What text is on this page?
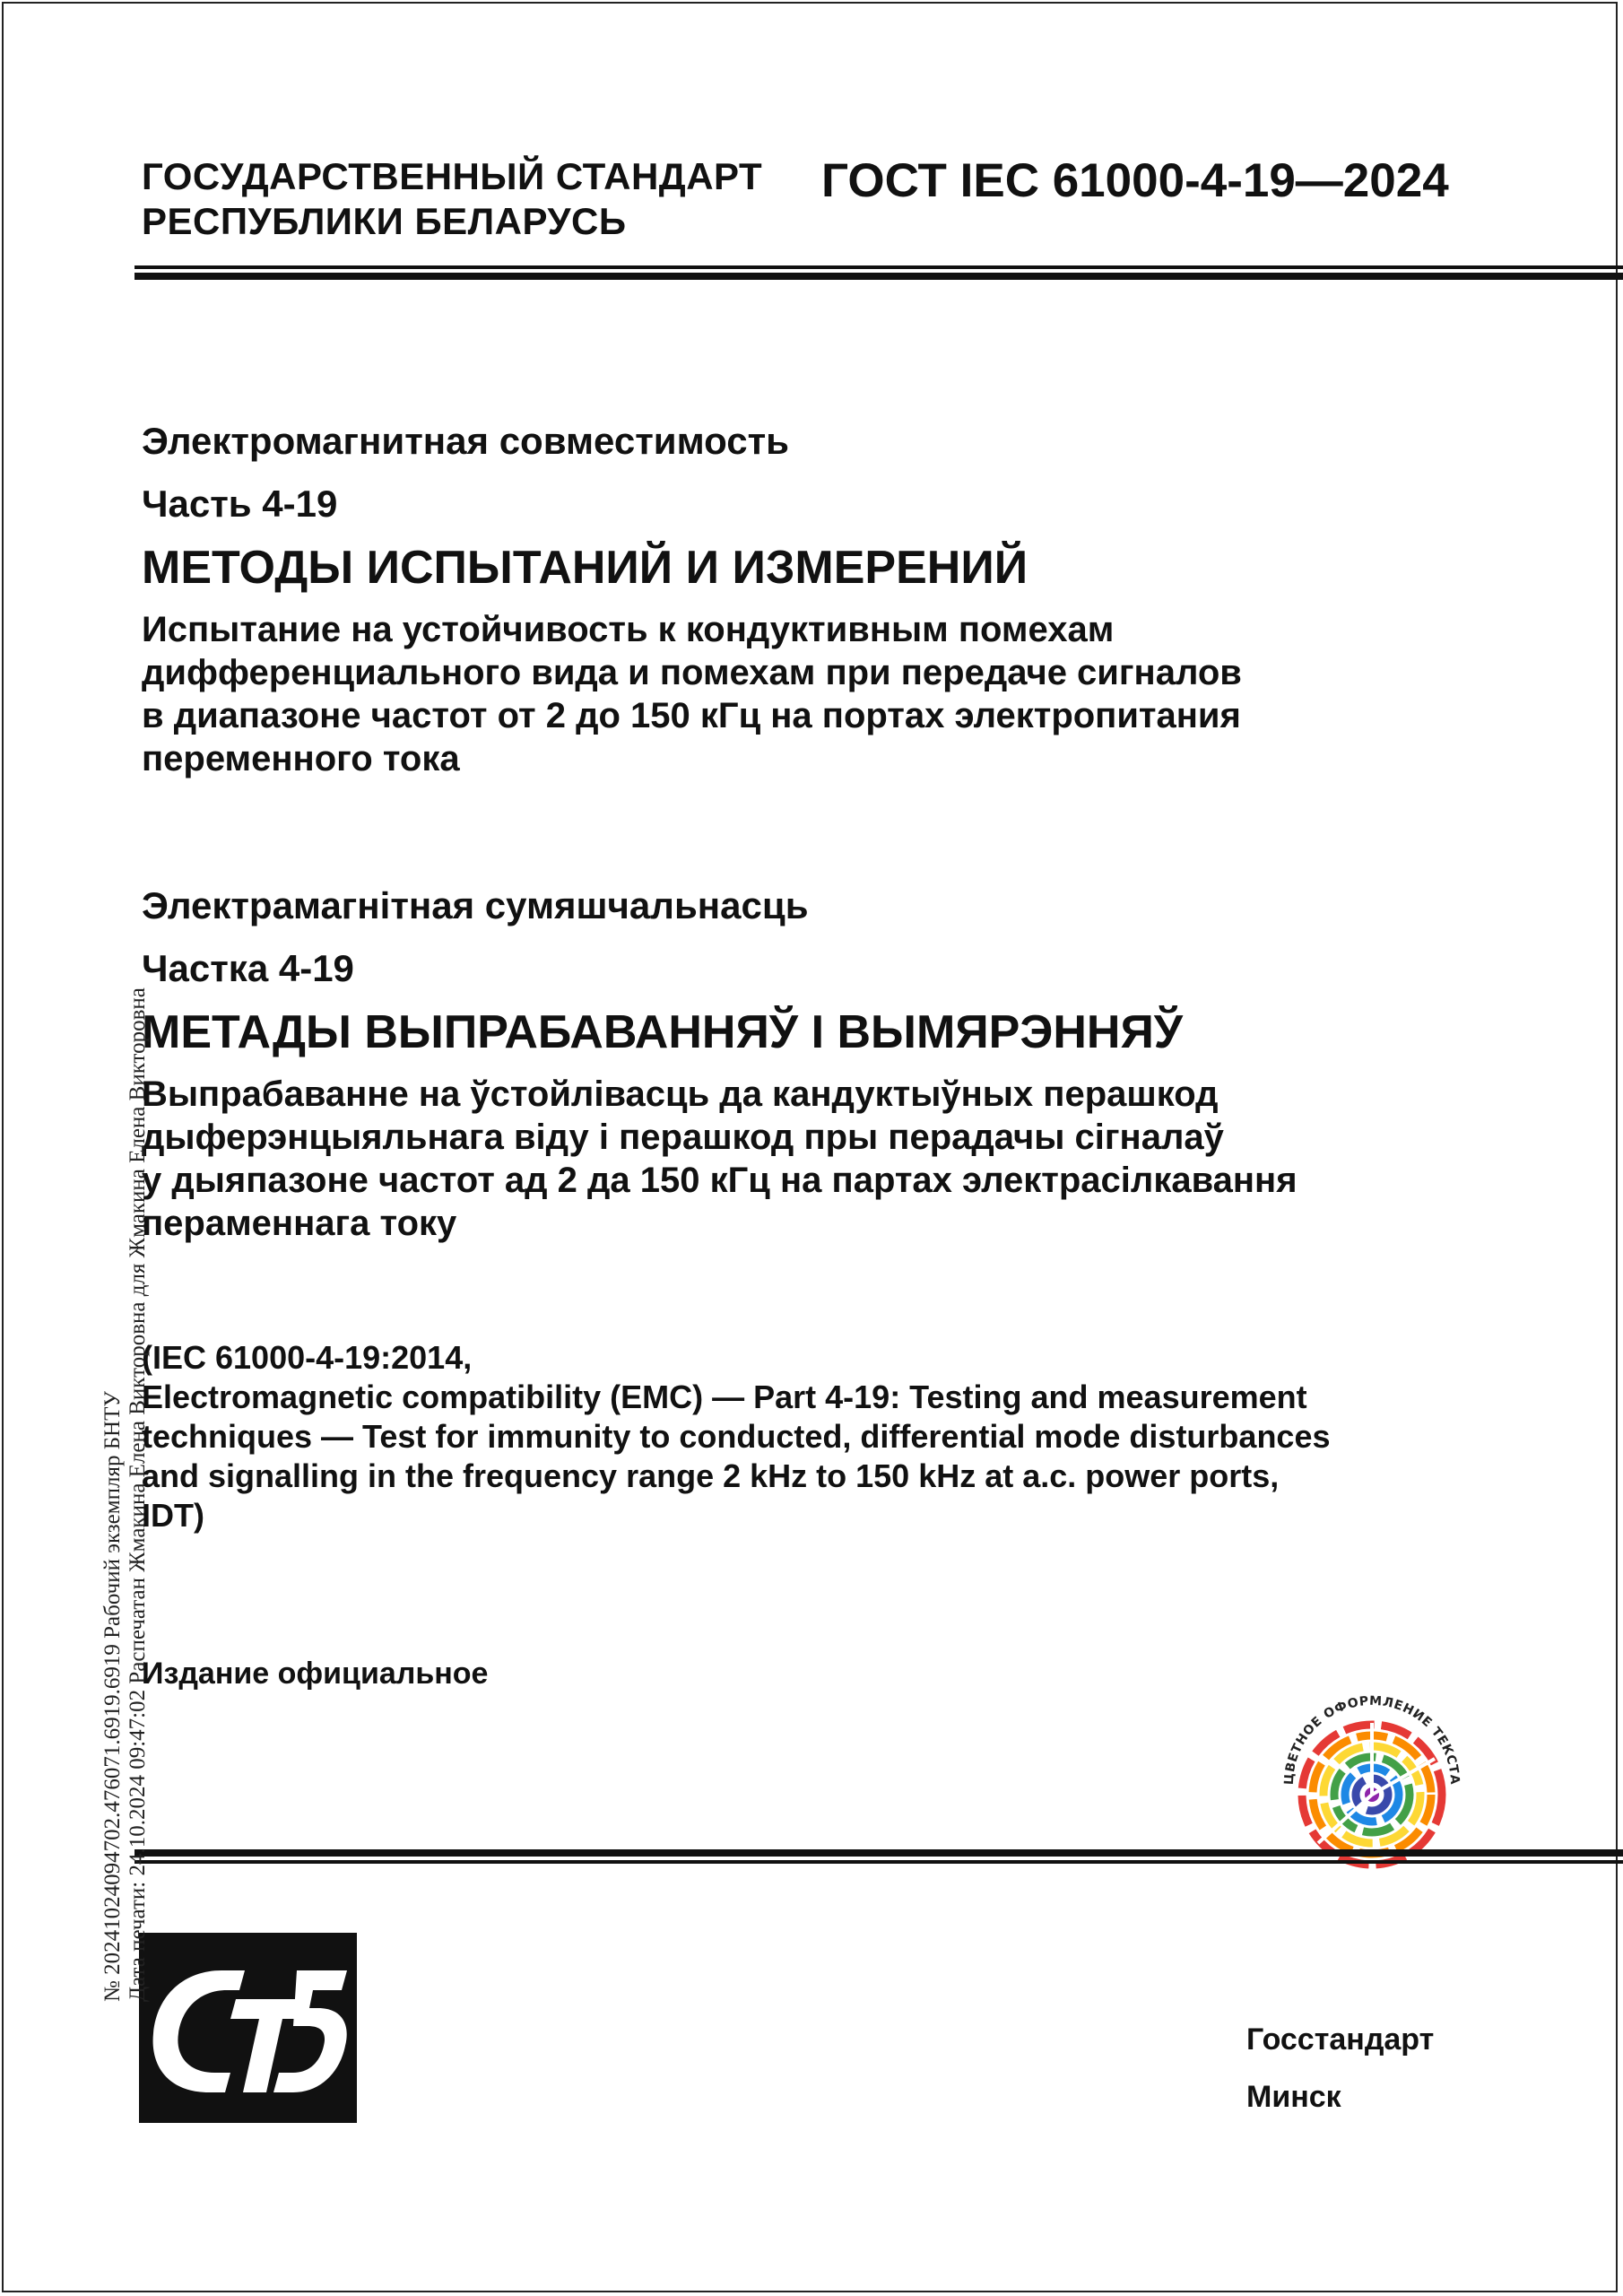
ГОСУДАРСТВЕННЫЙ СТАНДАРТ
РЕСПУБЛИКИ БЕЛАРУСЬ
ГОСТ IEC 61000-4-19—2024
Электромагнитная совместимость
Часть 4-19
МЕТОДЫ ИСПЫТАНИЙ И ИЗМЕРЕНИЙ
Испытание на устойчивость к кондуктивным помехам
дифференциального вида и помехам при передаче сигналов
в диапазоне частот от 2 до 150 кГц на портах электропитания
переменного тока
Электрамагнітная сумяшчальнасць
Частка 4-19
МЕТАДЫ ВЫПРАБАВАННЯЎ І ВЫМЯРЭННЯЎ
Выпрабаванне на ўстойлівасць да кандуктыўных перашкод
дыферэнцыяльнага віду і перашкод пры перадачы сігналаў
у дыяпазоне частот ад 2 да 150 кГц на партах электрасілкавання
пераменнага току
(IEC 61000-4-19:2014,
Electromagnetic compatibility (EMC) — Part 4-19: Testing and measurement
techniques — Test for immunity to conducted, differential mode disturbances
and signalling in the frequency range 2 kHz to 150 kHz at a.c. power ports,
IDT)
Издание официальное
ЦВЕТНОЕ ОФОРМЛЕНИЕ ТЕКСТА
Госстандарт
Минск
№ 20241024094702.476071.6919.6919 Рабочий экземпляр БНТУ Дата печати: 24.10.2024 09:47:02 Распечатан Жмакина Елена Викторовна для Жмакина Елена Викторовна
